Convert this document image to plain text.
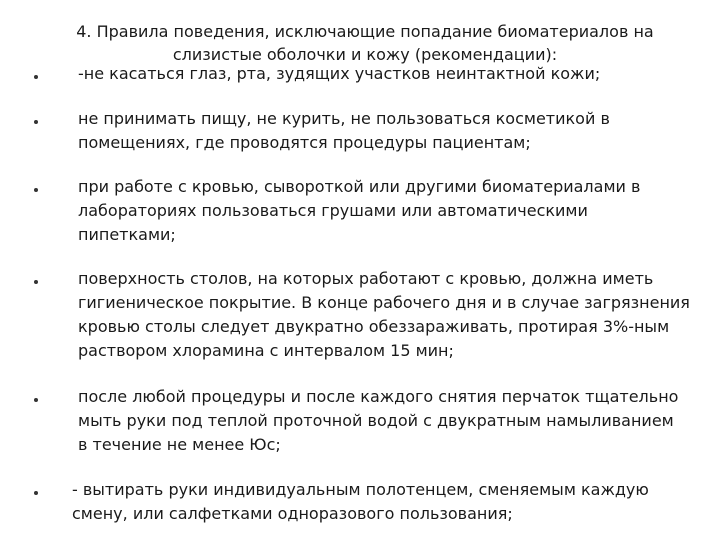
4. Правила поведения, исключающие попадание биоматериалов на
слизистые оболочки и кожу (рекомендации):
-не касаться глаз, рта, зудящих участков неинтактной кожи;
не принимать пищу, не курить, не пользоваться косметикой в
помещениях, где проводятся процедуры пациентам;
при работе с кровью, сывороткой или другими биоматериалами в
лабораториях пользоваться грушами или автоматическими
пипетками;
поверхность столов, на которых работают с кровью, должна иметь
гигиеническое покрытие. В конце рабочего дня и в случае загрязнения
кровью столы следует двукратно обеззараживать, протирая 3%-ным
раствором хлорамина с интервалом 15 мин;
после любой процедуры и после каждого снятия перчаток тщательно
мыть руки под теплой проточной водой с двукратным намыливанием
в течение не менее Юс;
- вытирать руки индивидуальным полотенцем, сменяемым каждую
смену, или салфетками одноразового пользования;
